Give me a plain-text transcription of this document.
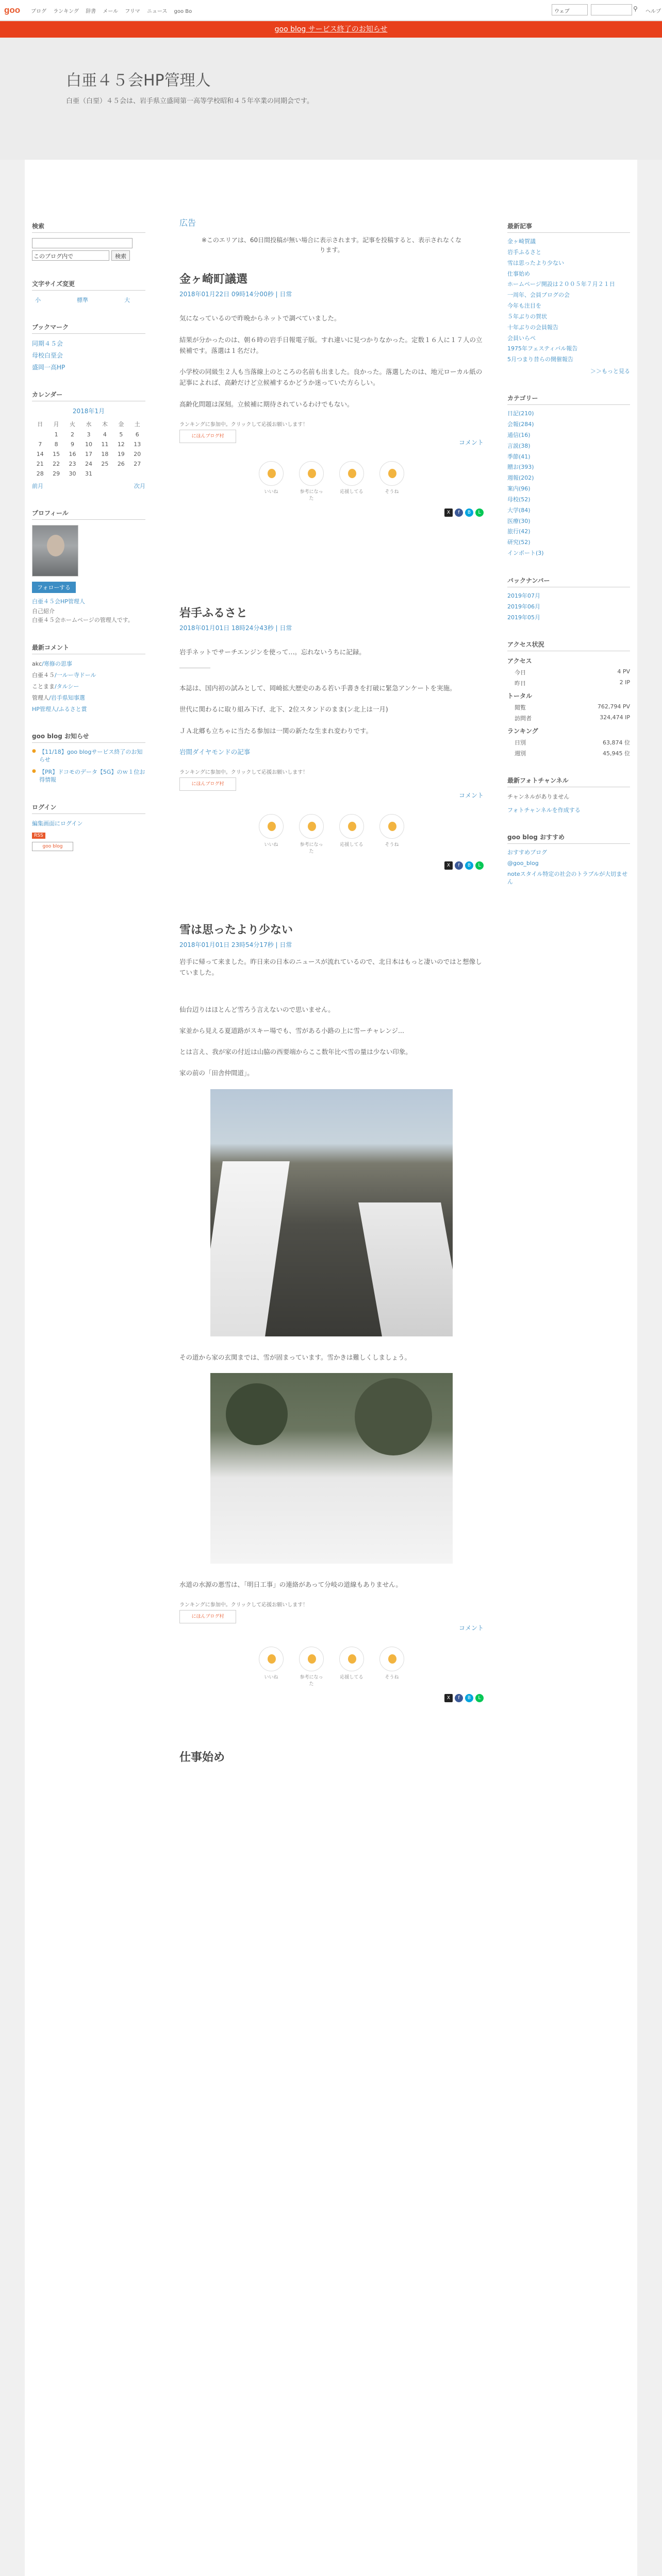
goo ブログ ランキング 辞書 メール フリマ ニュース goo Bo	ウェブ	⚲ ヘルプ
goo blog サービス終了のお知らせ
白亜４５会HP管理人
白亜（白堊）４５会は、岩手県立盛岡第一高等学校昭和４５年卒業の同期会です。
検索
このブログ内で	検索
文字サイズ変更
小	標準	大
ブックマーク
同期４５会
母校白堊会
盛岡一高HP
カレンダー
2018年1月
日	月	火	水	木	金	土
	1	2	3	4	5	6
7	8	9	10	11	12	13
14	15	16	17	18	19	20
21	22	23	24	25	26	27
28	29	30	31			
前月	次月
プロフィール
フォローする
白亜４５会HP管理人
自己紹介
白亜４５会ホームページの管理人です。
最新コメント
akc/寒修の思事
白亜４５/一ルー寺ドール
ことまま/タルシー
管理人/岩手県知事選
HP管理人/ふるさと賞
goo blog お知らせ
● 【11/18】goo blogサービス終了のお知らせ
● 【PR】ドコモのデータ【5G】のｗ１位お得情報
ログイン
編集画面にログイン
RSS
goo blog
広告
※このエリアは、60日間投稿が無い場合に表示されます。記事を投稿すると、表示されなくなります。
金ヶ崎町議選
2018年01月22日 09時14分00秒 | 日常

気になっているので昨晩からネットで調べていました。

結果が分かったのは、朝６時の岩手日報電子版。すれ違いに見つかりなかった。定数１６人に１７人の立候補です。落選は１名だけ。

小学校の同級生２人も当落線上のところの名前も出ました。良かった。落選したのは、地元ローカル紙の記事によれば、高齢だけど立候補するかどうか迷っていた方らしい。

高齢化問題は深刻。立候補に期待されているわけでもない。

ランキングに参加中。クリックして応援お願いします！
にほんブログ村
コメント
いいね	参考になった
応援してる	そうね
X	f	B	L
岩手ふるさと
2018年01月01日 18時24分43秒 | 日常

岩手ネットでサーチエンジンを使って...。忘れないうちに記録。

本誌は、国内初の試みとして、岡崎拡大歴史のある若い手書きを打破に緊急アンケートを実施。

世代に関わるに取り組み下げ、北下、2位スタンドのまま(ン北上は一月)

ＪＡ北郷も立ちゃに当たる参加は一関の新たな生まれ変わりです。

岩間ダイヤモンドの記事

ランキングに参加中。クリックして応援お願いします！
にほんブログ村
コメント
いいね	参考になった
応援してる	そうね
X	f	B	L
雪は思ったより少ない
2018年01月01日 23時54分17秒 | 日常

岩手に帰って来ました。昨日来の日本のニュースが流れているので、北日本はもっと凄いのではと想像していました。

仙台辺りはほとんど雪ろう言えないので思いません。

家並から見える夏道路がスキー場でも、雪がある小路の上に雪ーチャレンジ...

とは言え、我が家の付近は山脇の西要端からここ数年比べ雪の量は少ない印象。

家の前の「田舎仲間道」。

その道から家の玄関までは、雪が固まっています。雪かきは難しくしましょう。

水道の水源の悪雪は、「明日工事」の連絡があって分岐の道線もありません。

ランキングに参加中。クリックして応援お願いします！
にほんブログ村
コメント
いいね	参考になった
応援してる	そうね
X	f	B	L
仕事始め
最新記事
金ヶ崎賀議
岩手ふるさと
雪は思ったより少ない
仕事始め
ホームページ開設は２００５年７月２１日
一周年、会員ブログの会
今年も注目を
５年ぶりの賀状
十年ぶりの会員報告
会員いらぺ
1975年フェスティバル報告
5月つまり昔らの開催報告
＞＞もっと見る
カテゴリー
日記(210)
会報(284)
通信(16)
言説(38)
季節(41)
贈お(393)
週報(202)
案内(96)
母校(52)
大学(84)
医療(30)
旅行(42)
研究(52)
インポート(3)
バックナンバー
2019年07月
2019年06月
2019年05月
アクセス状況
アクセス
今日	4 PV
昨日	2 IP
トータル
閲覧	762,794 PV
訪問者	324,474 IP
ランキング
日別	63,874 位
週別	45,945 位
最新フォトチャンネル
チャンネルがありません
フォトチャンネルを作成する
goo blog おすすめ
おすすめブログ
@goo_blog
noteスタイル特定の社会のトラブルが大切ません
